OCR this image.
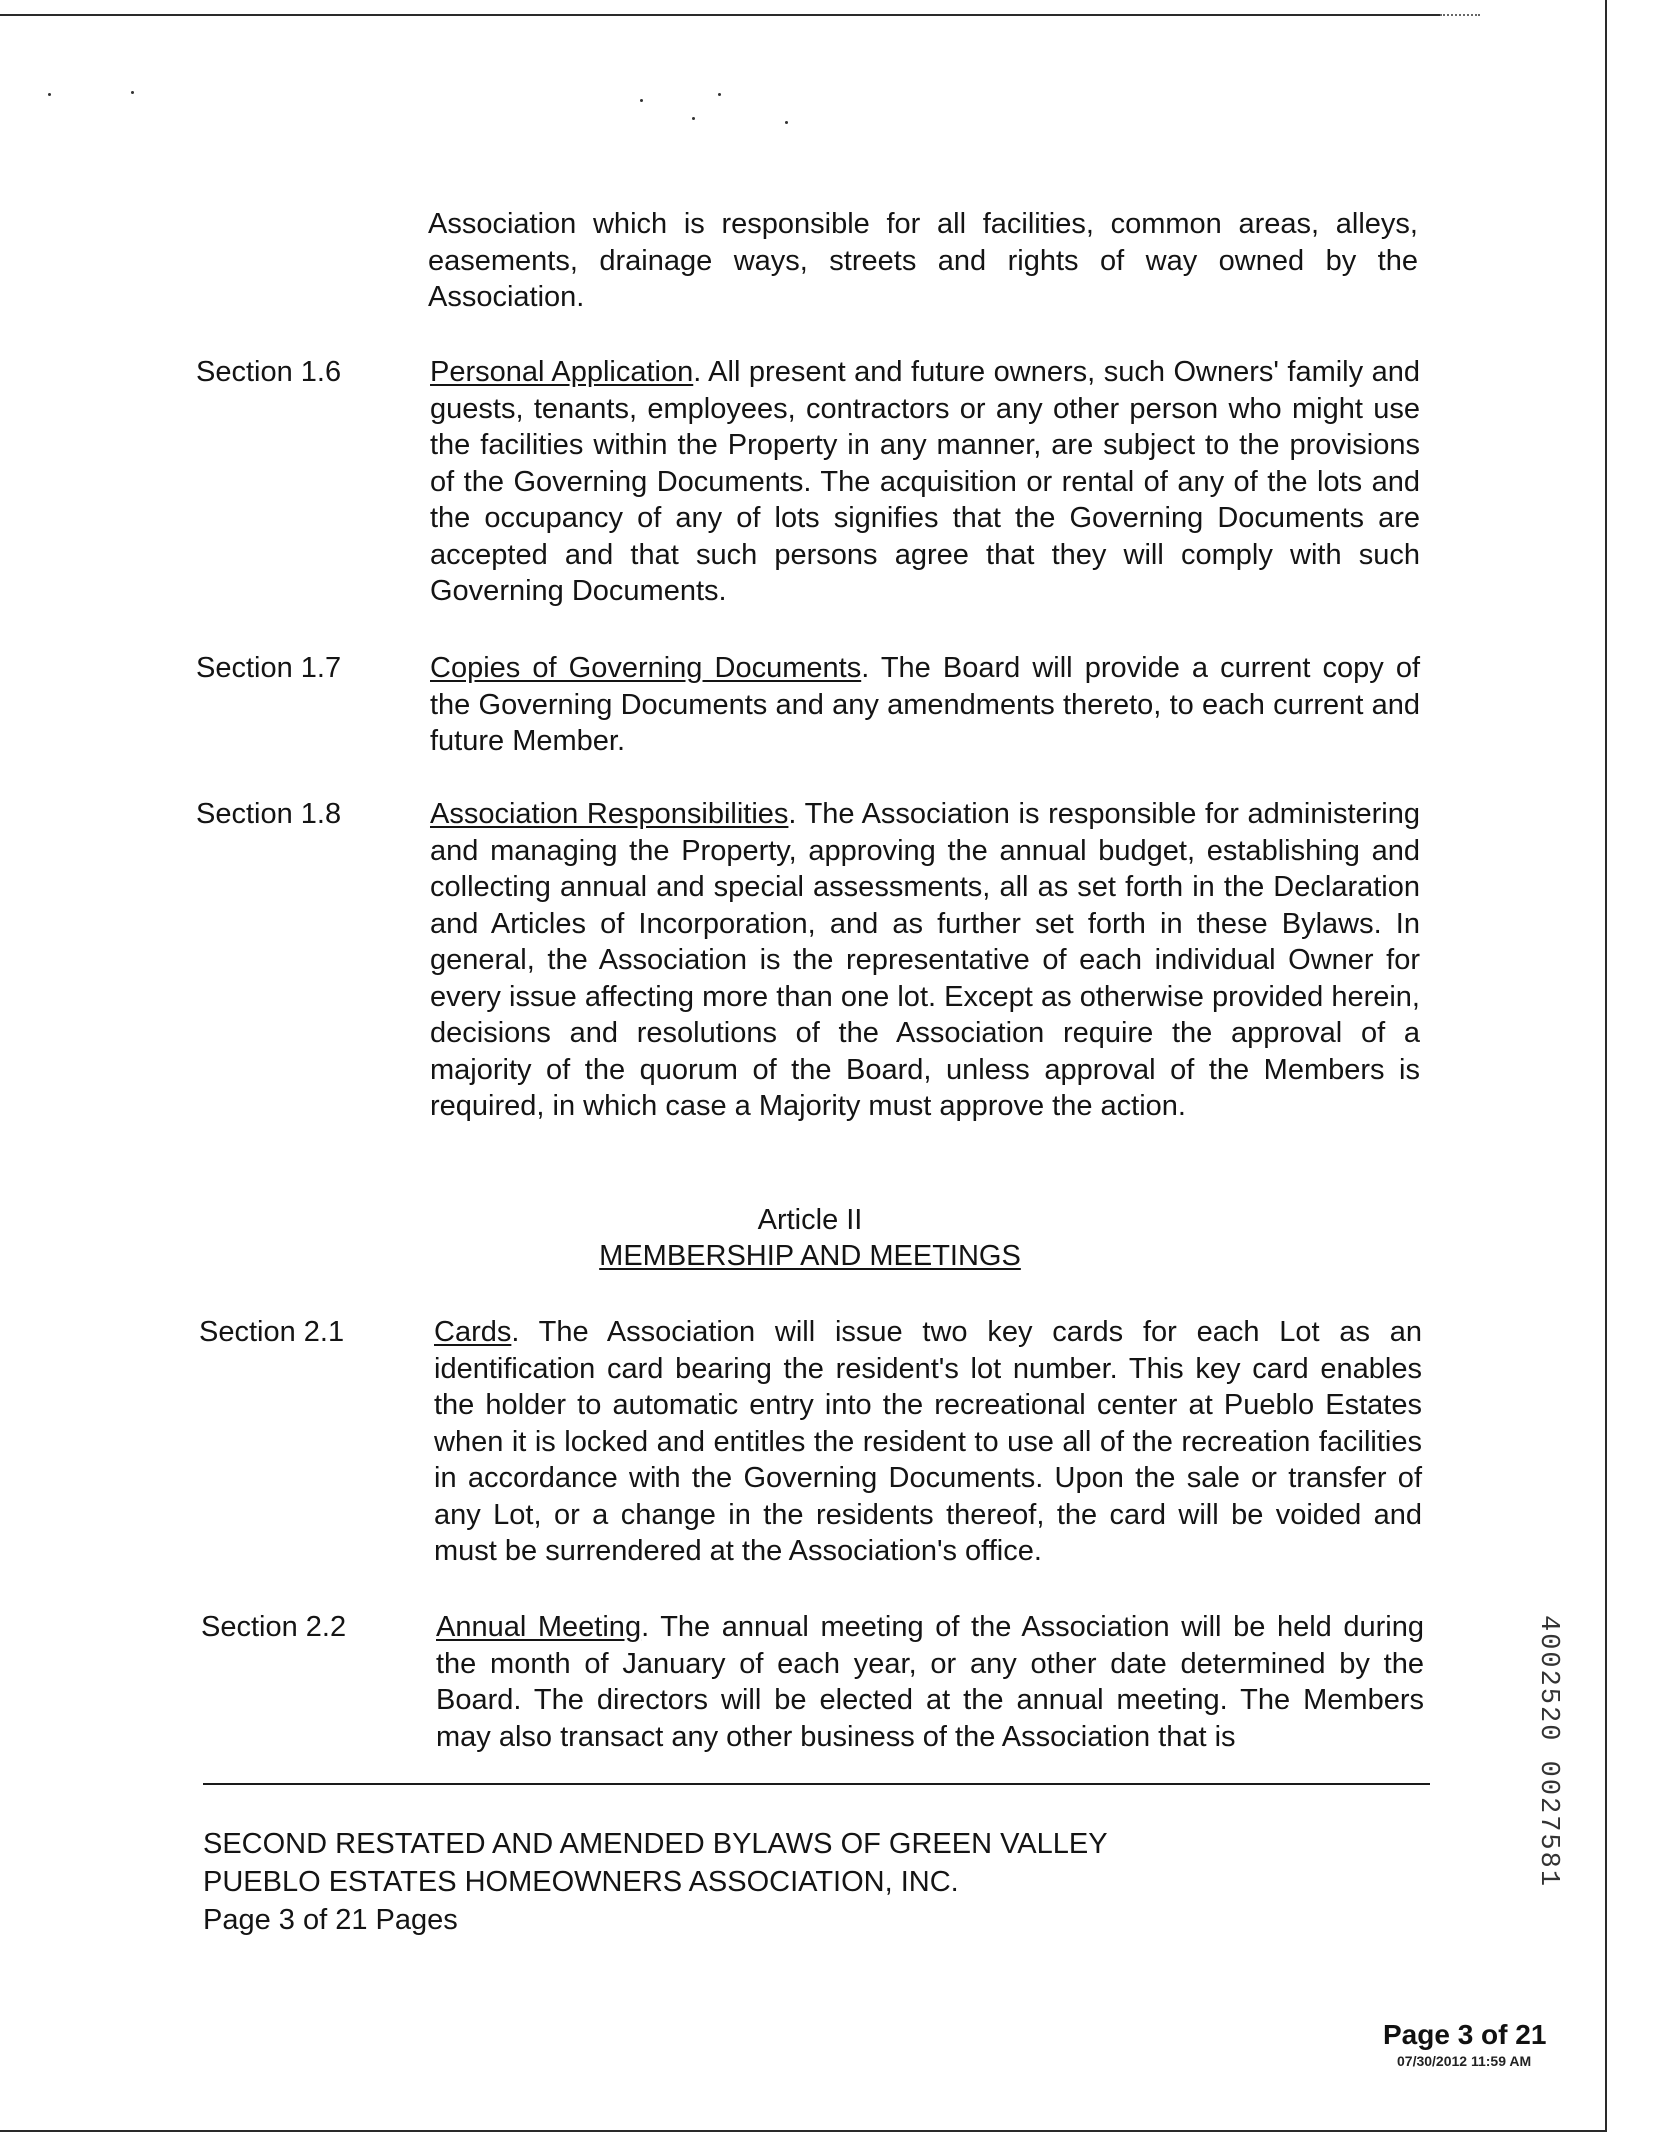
Association which is responsible for all facilities, common areas, alleys, easements, drainage ways, streets and rights of way owned by the Association.
Section 1.6	Personal Application. All present and future owners, such Owners' family and guests, tenants, employees, contractors or any other person who might use the facilities within the Property in any manner, are subject to the provisions of the Governing Documents. The acquisition or rental of any of the lots and the occupancy of any of lots signifies that the Governing Documents are accepted and that such persons agree that they will comply with such Governing Documents.
Section 1.7	Copies of Governing Documents. The Board will provide a current copy of the Governing Documents and any amendments thereto, to each current and future Member.
Section 1.8	Association Responsibilities. The Association is responsible for administering and managing the Property, approving the annual budget, establishing and collecting annual and special assessments, all as set forth in the Declaration and Articles of Incorporation, and as further set forth in these Bylaws. In general, the Association is the representative of each individual Owner for every issue affecting more than one lot. Except as otherwise provided herein, decisions and resolutions of the Association require the approval of a majority of the quorum of the Board, unless approval of the Members is required, in which case a Majority must approve the action.
Article II
MEMBERSHIP AND MEETINGS
Section 2.1	Cards. The Association will issue two key cards for each Lot as an identification card bearing the resident's lot number. This key card enables the holder to automatic entry into the recreational center at Pueblo Estates when it is locked and entitles the resident to use all of the recreation facilities in accordance with the Governing Documents. Upon the sale or transfer of any Lot, or a change in the residents thereof, the card will be voided and must be surrendered at the Association's office.
Section 2.2	Annual Meeting. The annual meeting of the Association will be held during the month of January of each year, or any other date determined by the Board. The directors will be elected at the annual meeting. The Members may also transact any other business of the Association that is
SECOND RESTATED AND AMENDED BYLAWS OF GREEN VALLEY
PUEBLO ESTATES HOMEOWNERS ASSOCIATION, INC.
Page 3 of 21 Pages
Page 3 of 21
07/30/2012 11:59 AM
4002520 0027581
